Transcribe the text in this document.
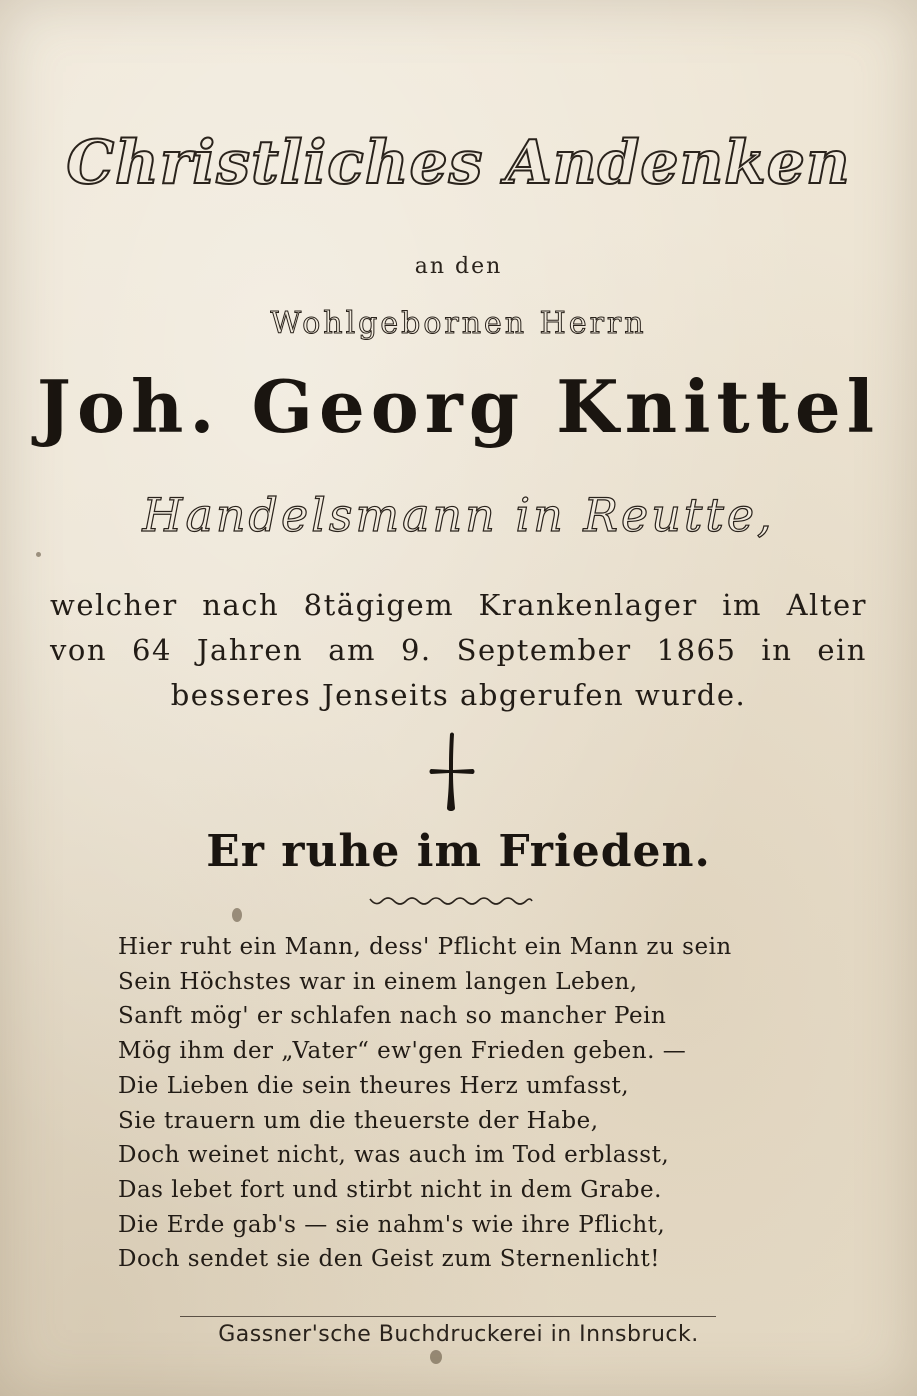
Christliches Andenken
an den
Wohlgebornen Herrn
Joh. Georg Knittel
Handelsmann in Reutte,
welcher nach 8tägigem Krankenlager im Alter
von 64 Jahren am 9. September 1865 in ein
besseres Jenseits abgerufen wurde.
Er ruhe im Frieden.
Hier ruht ein Mann, dess' Pflicht ein Mann zu sein
Sein Höchstes war in einem langen Leben,
Sanft mög' er schlafen nach so mancher Pein
Mög ihm der „Vater“ ew'gen Frieden geben. —
Die Lieben die sein theures Herz umfasst,
Sie trauern um die theuerste der Habe,
Doch weinet nicht, was auch im Tod erblasst,
Das lebet fort und stirbt nicht in dem Grabe.
Die Erde gab's — sie nahm's wie ihre Pflicht,
Doch sendet sie den Geist zum Sternenlicht!
Gassner'sche Buchdruckerei in Innsbruck.
